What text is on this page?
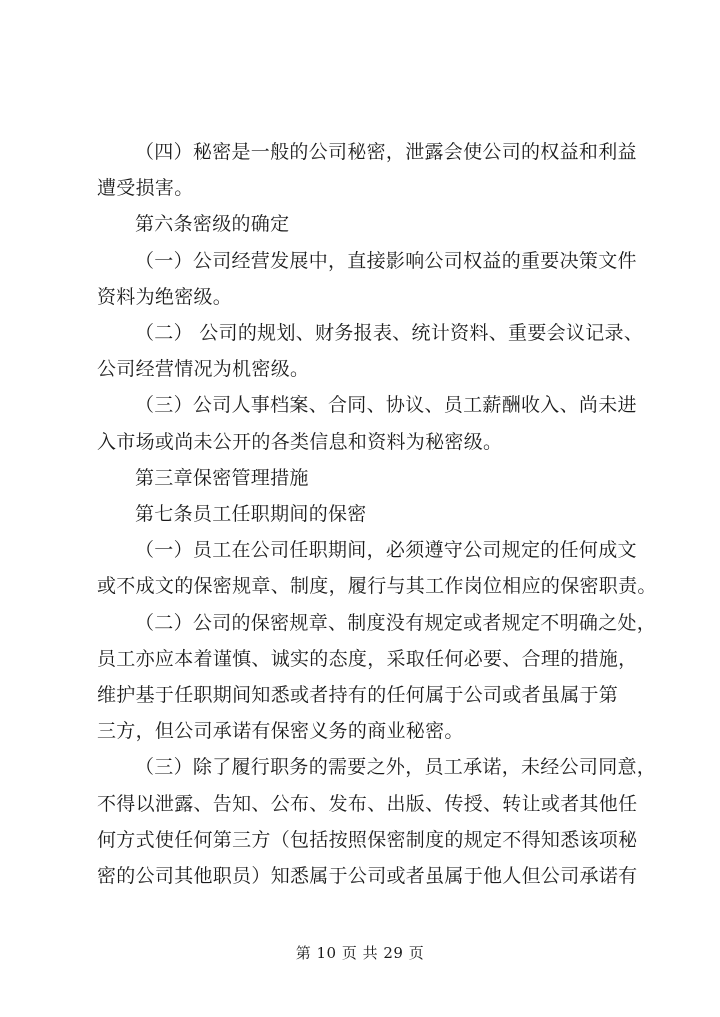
（四）秘密是一般的公司秘密，泄露会使公司的权益和利益
遭受损害。
第六条密级的确定
（一）公司经营发展中，直接影响公司权益的重要决策文件
资料为绝密级。
（二） 公司的规划、财务报表、统计资料、重要会议记录、
公司经营情况为机密级。
（三）公司人事档案、合同、协议、员工薪酬收入、尚未进
入市场或尚未公开的各类信息和资料为秘密级。
第三章保密管理措施
第七条员工任职期间的保密
（一）员工在公司任职期间，必须遵守公司规定的任何成文
或不成文的保密规章、制度，履行与其工作岗位相应的保密职责。
（二）公司的保密规章、制度没有规定或者规定不明确之处，
员工亦应本着谨慎、诚实的态度，采取任何必要、合理的措施，
维护基于任职期间知悉或者持有的任何属于公司或者虽属于第
三方，但公司承诺有保密义务的商业秘密。
（三）除了履行职务的需要之外，员工承诺，未经公司同意，
不得以泄露、告知、公布、发布、出版、传授、转让或者其他任
何方式使任何第三方（包括按照保密制度的规定不得知悉该项秘
密的公司其他职员）知悉属于公司或者虽属于他人但公司承诺有

第 10 页 共 29 页
